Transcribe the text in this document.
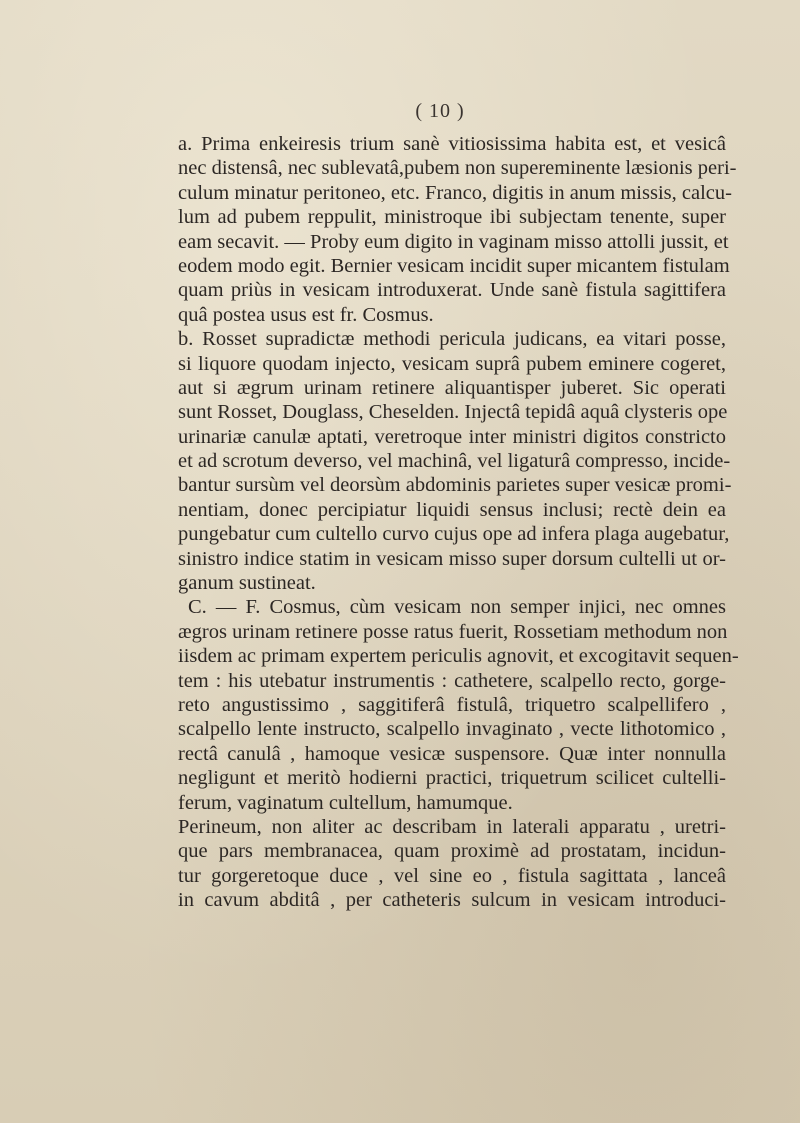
( 10 )
a. Prima enkeiresis trium sanè vitiosissima habita est, et vesicâ
nec distensâ, nec sublevatâ,pubem non supereminente læsionis peri-
culum minatur peritoneo, etc. Franco, digitis in anum missis, calcu-
lum ad pubem reppulit, ministroque ibi subjectam tenente, super
eam secavit. — Proby eum digito in vaginam misso attolli jussit, et
eodem modo egit. Bernier vesicam incidit super micantem fistulam
quam priùs in vesicam introduxerat. Unde sanè fistula sagittifera
quâ postea usus est fr. Cosmus.
b. Rosset supradictæ methodi pericula judicans, ea vitari posse,
si liquore quodam injecto, vesicam suprâ pubem eminere cogeret,
aut si ægrum urinam retinere aliquantisper juberet. Sic operati
sunt Rosset, Douglass, Cheselden. Injectâ tepidâ aquâ clysteris ope
urinariæ canulæ aptati, veretroque inter ministri digitos constricto
et ad scrotum deverso, vel machinâ, vel ligaturâ compresso, incide-
bantur sursùm vel deorsùm abdominis parietes super vesicæ promi-
nentiam, donec percipiatur liquidi sensus inclusi; rectè dein ea
pungebatur cum cultello curvo cujus ope ad infera plaga augebatur,
sinistro indice statim in vesicam misso super dorsum cultelli ut or-
ganum sustineat.
C. — F. Cosmus, cùm vesicam non semper injici, nec omnes
ægros urinam retinere posse ratus fuerit, Rossetiam methodum non
iisdem ac primam expertem periculis agnovit, et excogitavit sequen-
tem : his utebatur instrumentis : cathetere, scalpello recto, gorge-
reto angustissimo , saggitiferâ fistulâ, triquetro scalpellifero ,
scalpello lente instructo, scalpello invaginato , vecte lithotomico ,
rectâ canulâ , hamoque vesicæ suspensore. Quæ inter nonnulla
negligunt et meritò hodierni practici, triquetrum scilicet cultelli-
ferum, vaginatum cultellum, hamumque.
Perineum, non aliter ac describam in laterali apparatu , uretri-
que pars membranacea, quam proximè ad prostatam, incidun-
tur gorgeretoque duce , vel sine eo , fistula sagittata , lanceâ
in cavum abditâ , per catheteris sulcum in vesicam introduci-
